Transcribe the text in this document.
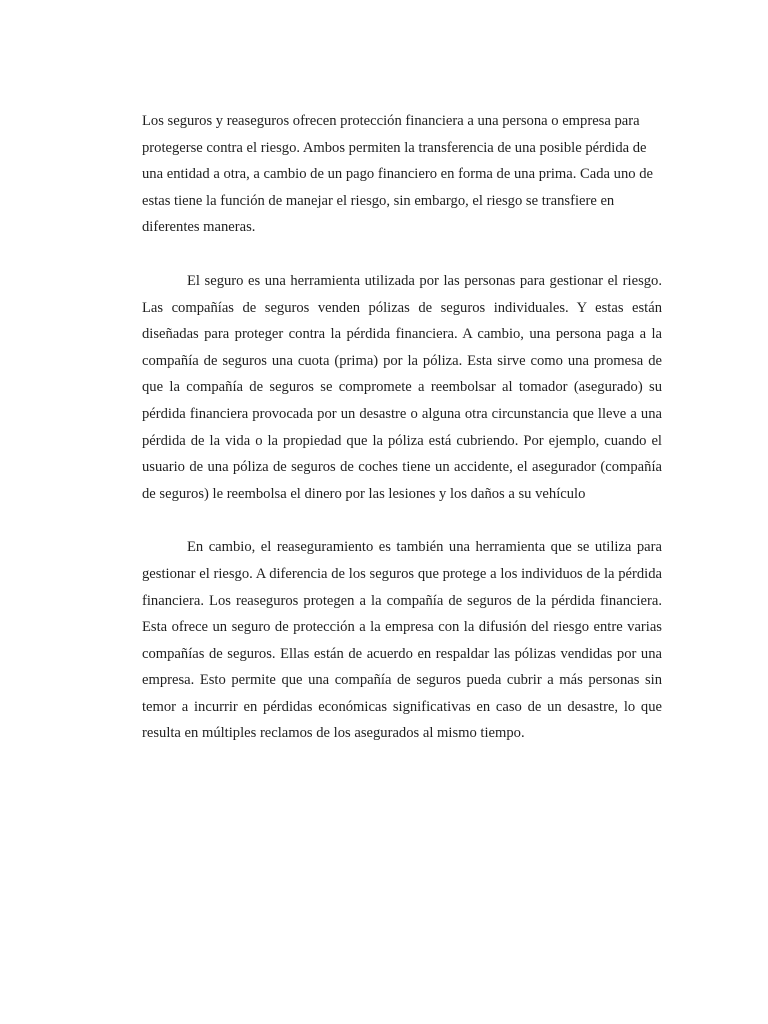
Los seguros y reaseguros ofrecen protección financiera a una persona o empresa para protegerse contra el riesgo. Ambos permiten la transferencia de una posible pérdida de una entidad a otra, a cambio de un pago financiero en forma de una prima. Cada uno de estas tiene la función de manejar el riesgo, sin embargo, el riesgo se transfiere en diferentes maneras.

El seguro es una herramienta utilizada por las personas para gestionar el riesgo. Las compañías de seguros venden pólizas de seguros individuales. Y estas están diseñadas para proteger contra la pérdida financiera. A cambio, una persona paga a la compañía de seguros una cuota (prima) por la póliza. Esta sirve como una promesa de que la compañía de seguros se compromete a reembolsar al tomador (asegurado) su pérdida financiera provocada por un desastre o alguna otra circunstancia que lleve a una pérdida de la vida o la propiedad que la póliza está cubriendo. Por ejemplo, cuando el usuario de una póliza de seguros de coches tiene un accidente, el asegurador (compañía de seguros) le reembolsa el dinero por las lesiones y los daños a su vehículo

En cambio, el reaseguramiento es también una herramienta que se utiliza para gestionar el riesgo. A diferencia de los seguros que protege a los individuos de la pérdida financiera. Los reaseguros protegen a la compañía de seguros de la pérdida financiera. Esta ofrece un seguro de protección a la empresa con la difusión del riesgo entre varias compañías de seguros. Ellas están de acuerdo en respaldar las pólizas vendidas por una empresa. Esto permite que una compañía de seguros pueda cubrir a más personas sin temor a incurrir en pérdidas económicas significativas en caso de un desastre, lo que resulta en múltiples reclamos de los asegurados al mismo tiempo.
